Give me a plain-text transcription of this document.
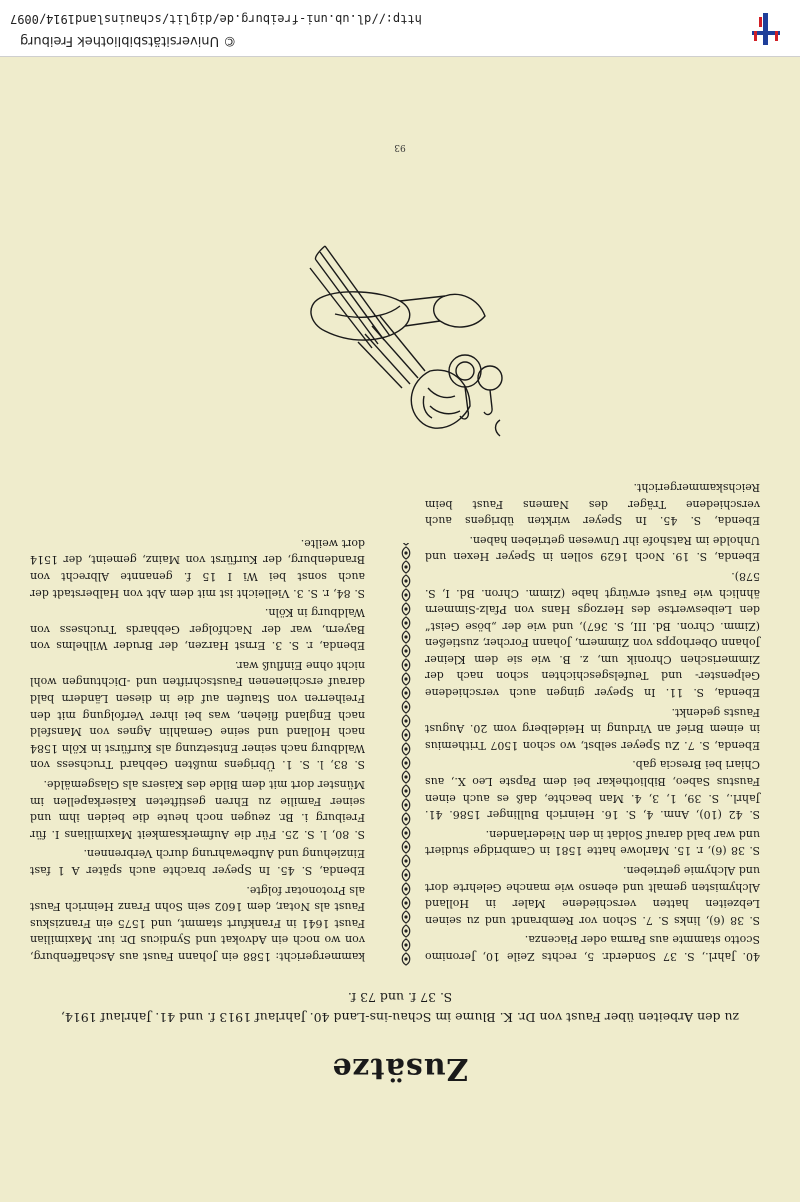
© Universitätsbibliothek Freiburg
http://dl.ub.uni-freiburg.de/diglit/schauinsland1914/0097
Zusätze
zu den Arbeiten über Faust von Dr. K. Blume im Schau-ins-Land 40. Jahrlauf 1913 f. und 41. Jahrlauf 1914, S. 37 f. und 73 f.

40. Jahrl., S. 37 Sonderdr. 5, rechts Zeile 10, Jeronimo Scotto stammte aus Parma oder Piacenza.

S. 38 (6), links S. 7. Schon vor Rembrandt und zu seinen Lebzeiten hatten verschiedene Maler in Holland Alchymisten gemalt und ebenso wie manche Gelehrte dort und Alchymie getrieben.

S. 38 (6), r. 15. Marlowe hatte 1581 in Cambridge studiert und war bald darauf Soldat in den Niederlanden.

S. 42 (10), Anm. 4, S. 16. Heinrich Bullinger 1586. 41. Jahrl., S. 39, 1, 3, 4. Man beachte, daß es auch einen Faustus Sabeo, Bibliothekar bei dem Papste Leo X., aus Chiari bei Brescia gab.

Ebenda, S. 7. Zu Speyer selbst, wo schon 1507 Trithemius in einem Brief an Virdung in Heidelberg vom 20. August Fausts gedenkt.

Ebenda, S. 11. In Speyer gingen auch verschiedene Gelpenster- und Teufelsgeschichten schon nach der Zimmerischen Chronik um, z. B. wie sie dem Kleiner Johann Oberhopps von Zimmern, Johann Forcher, zustießen (Zimm. Chron. Bd. III, S. 367), und wie der „böse Geist“ den Leibeswertse des Herzogs Hans von Pfalz-Simmern ähnlich wie Faust erwürgt habe (Zimm. Chron. Bd. I, S. 578).

Ebenda, S. 19. Noch 1629 sollen in Speyer Hexen und Unholde im Ratshofe ihr Unwesen getrieben haben.

Ebenda, S. 45. In Speyer wirkten übrigens auch verschiedene Träger des Namens Faust beim Reichskammergericht.

kammergericht: 1588 ein Johann Faust aus Aschaffenburg, von wo noch ein Advokat und Syndicus Dr. iur. Maximilian Faust 1641 in Frankfurt stammt, und 1575 ein Franziskus Faust als Notar, dem 1602 sein Sohn Franz Heinrich Faust als Protonotar folgte.

Ebenda, S. 45. In Speyer brachte auch später A 1 fast Einziehung und Aufbewahrung durch Verbrennen.

S. 80, l. S. 25. Für die Aufmerksamkeit Maximilians I. für Freiburg i. Br. zeugen noch heute die beiden ihm und seiner Familie zu Ehren gestifteten Kaiserkapellen im Münster dort mit dem Bilde des Kaisers als Glasgemälde.

S. 83, l. S. 1. Übrigens mußten Gebhard Truchsess von Waldburg nach seiner Entsetzung als Kurfürst in Köln 1584 nach Holland und seine Gemahlin Agnes von Mansfeld nach England fliehen, was bei ihrer Verfolgung mit den Freiherren von Staufen auf die in diesen Ländern bald darauf erschienenen Faustschriften und -Dichtungen wohl nicht ohne Einfluß war.

Ebenda, r. S. 3. Ernst Harzen, der Bruder Wilhelms von Bayern, war der Nachfolger Gebhards Truchsess von Waldburg in Köln.

S. 84, r. S. 3. Vielleicht ist mit dem Abt von Halberstadt der auch sonst bei Wi I 15 f. genannte Albrecht von Brandenburg, der Kurfürst von Mainz, gemeint, der 1514 dort weilte.

93
